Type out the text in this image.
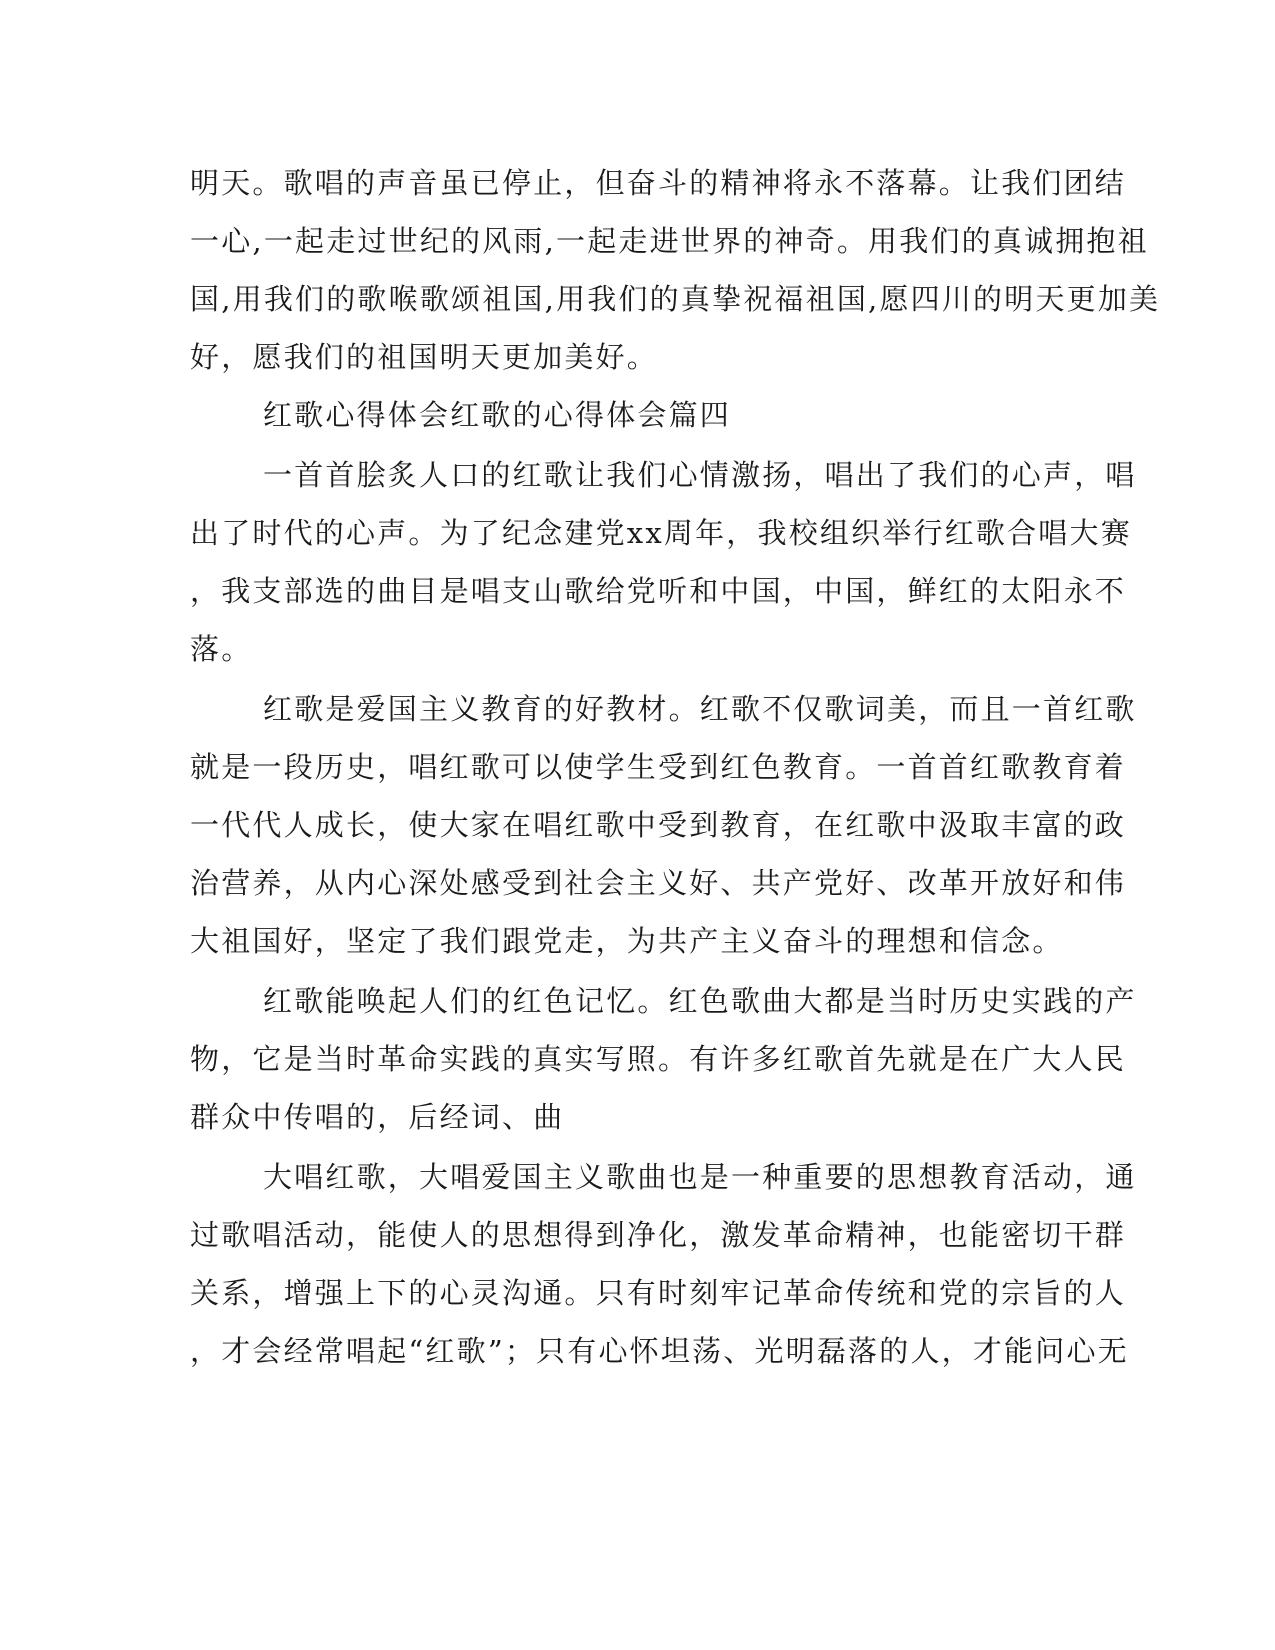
明天。歌唱的声音虽已停止，但奋斗的精神将永不落幕。让我们团结
一心,一起走过世纪的风雨,一起走进世界的神奇。用我们的真诚拥抱祖
国,用我们的歌喉歌颂祖国,用我们的真挚祝福祖国,愿四川的明天更加美
好，愿我们的祖国明天更加美好。
红歌心得体会红歌的心得体会篇四
一首首脍炙人口的红歌让我们心情激扬，唱出了我们的心声，唱
出了时代的心声。为了纪念建党xx周年，我校组织举行红歌合唱大赛
，我支部选的曲目是唱支山歌给党听和中国，中国，鲜红的太阳永不
落。
红歌是爱国主义教育的好教材。红歌不仅歌词美，而且一首红歌
就是一段历史，唱红歌可以使学生受到红色教育。一首首红歌教育着
一代代人成长，使大家在唱红歌中受到教育，在红歌中汲取丰富的政
治营养，从内心深处感受到社会主义好、共产党好、改革开放好和伟
大祖国好，坚定了我们跟党走，为共产主义奋斗的理想和信念。
红歌能唤起人们的红色记忆。红色歌曲大都是当时历史实践的产
物，它是当时革命实践的真实写照。有许多红歌首先就是在广大人民
群众中传唱的，后经词、曲
大唱红歌，大唱爱国主义歌曲也是一种重要的思想教育活动，通
过歌唱活动，能使人的思想得到净化，激发革命精神，也能密切干群
关系，增强上下的心灵沟通。只有时刻牢记革命传统和党的宗旨的人
，才会经常唱起“红歌”；只有心怀坦荡、光明磊落的人，才能问心无
